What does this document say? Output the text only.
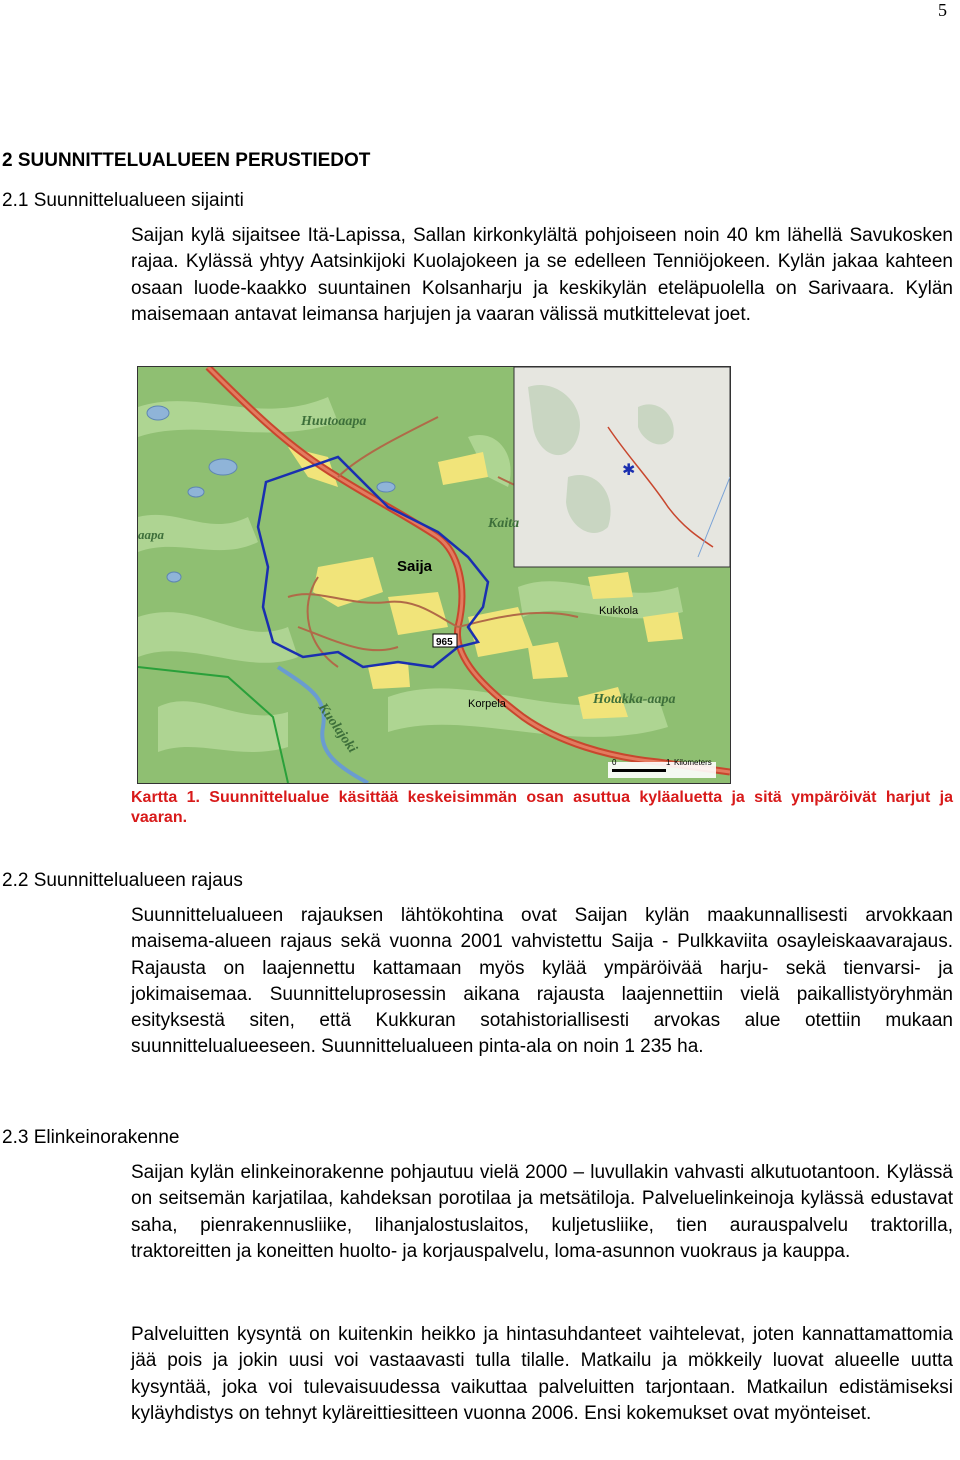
5
2 SUUNNITTELUALUEEN PERUSTIEDOT
2.1 Suunnittelualueen sijainti

Saijan kylä sijaitsee Itä-Lapissa, Sallan kirkonkylältä pohjoiseen noin 40 km lähellä Savukosken rajaa. Kylässä yhtyy Aatsinkijoki Kuolajokeen ja se edelleen Tenniöjokeen. Kylän jakaa kahteen osaan luode-kaakko suuntainen Kolsanharju ja keskikylän eteläpuolella on Sarivaara. Kylän maisemaan antavat leimansa harjujen ja vaaran välissä mutkittelevat joet.

✱
Huutoaapa
Kaita
aapa
Saija
965
Kukkola
Korpela	Hotakka-aapa
Kuolajoki
0	1 Kilometers
Kartta 1. Suunnittelualue käsittää keskeisimmän osan asuttua kyläaluetta ja sitä ympäröivät harjut ja vaaran.
2.2 Suunnittelualueen rajaus

Suunnittelualueen rajauksen lähtökohtina ovat Saijan kylän maakunnallisesti arvokkaan maisema-alueen rajaus sekä vuonna 2001 vahvistettu Saija - Pulkkaviita osayleiskaavarajaus. Rajausta on laajennettu kattamaan myös kylää ympäröivää harju- sekä tienvarsi- ja jokimaisemaa. Suunnitteluprosessin aikana rajausta laajennettiin vielä paikallistyöryhmän esityksestä siten, että Kukkuran sotahistoriallisesti arvokas alue otettiin mukaan suunnittelualueeseen. Suunnittelualueen pinta-ala on noin 1 235 ha.

2.3 Elinkeinorakenne

Saijan kylän elinkeinorakenne pohjautuu vielä 2000 – luvullakin vahvasti alkutuotantoon. Kylässä on seitsemän karjatilaa, kahdeksan porotilaa ja metsätiloja. Palveluelinkeinoja kylässä edustavat saha, pienrakennusliike, lihanjalostuslaitos, kuljetusliike, tien aurauspalvelu traktorilla, traktoreitten ja koneitten huolto- ja korjauspalvelu, loma-asunnon vuokraus ja kauppa.

Palveluitten kysyntä on kuitenkin heikko ja hintasuhdanteet vaihtelevat, joten kannattamattomia jää pois ja jokin uusi voi vastaavasti tulla tilalle. Matkailu ja mökkeily luovat alueelle uutta kysyntää, joka voi tulevaisuudessa vaikuttaa palveluitten tarjontaan. Matkailun edistämiseksi kyläyhdistys on tehnyt kyläreittiesitteen vuonna 2006. Ensi kokemukset ovat myönteiset.
